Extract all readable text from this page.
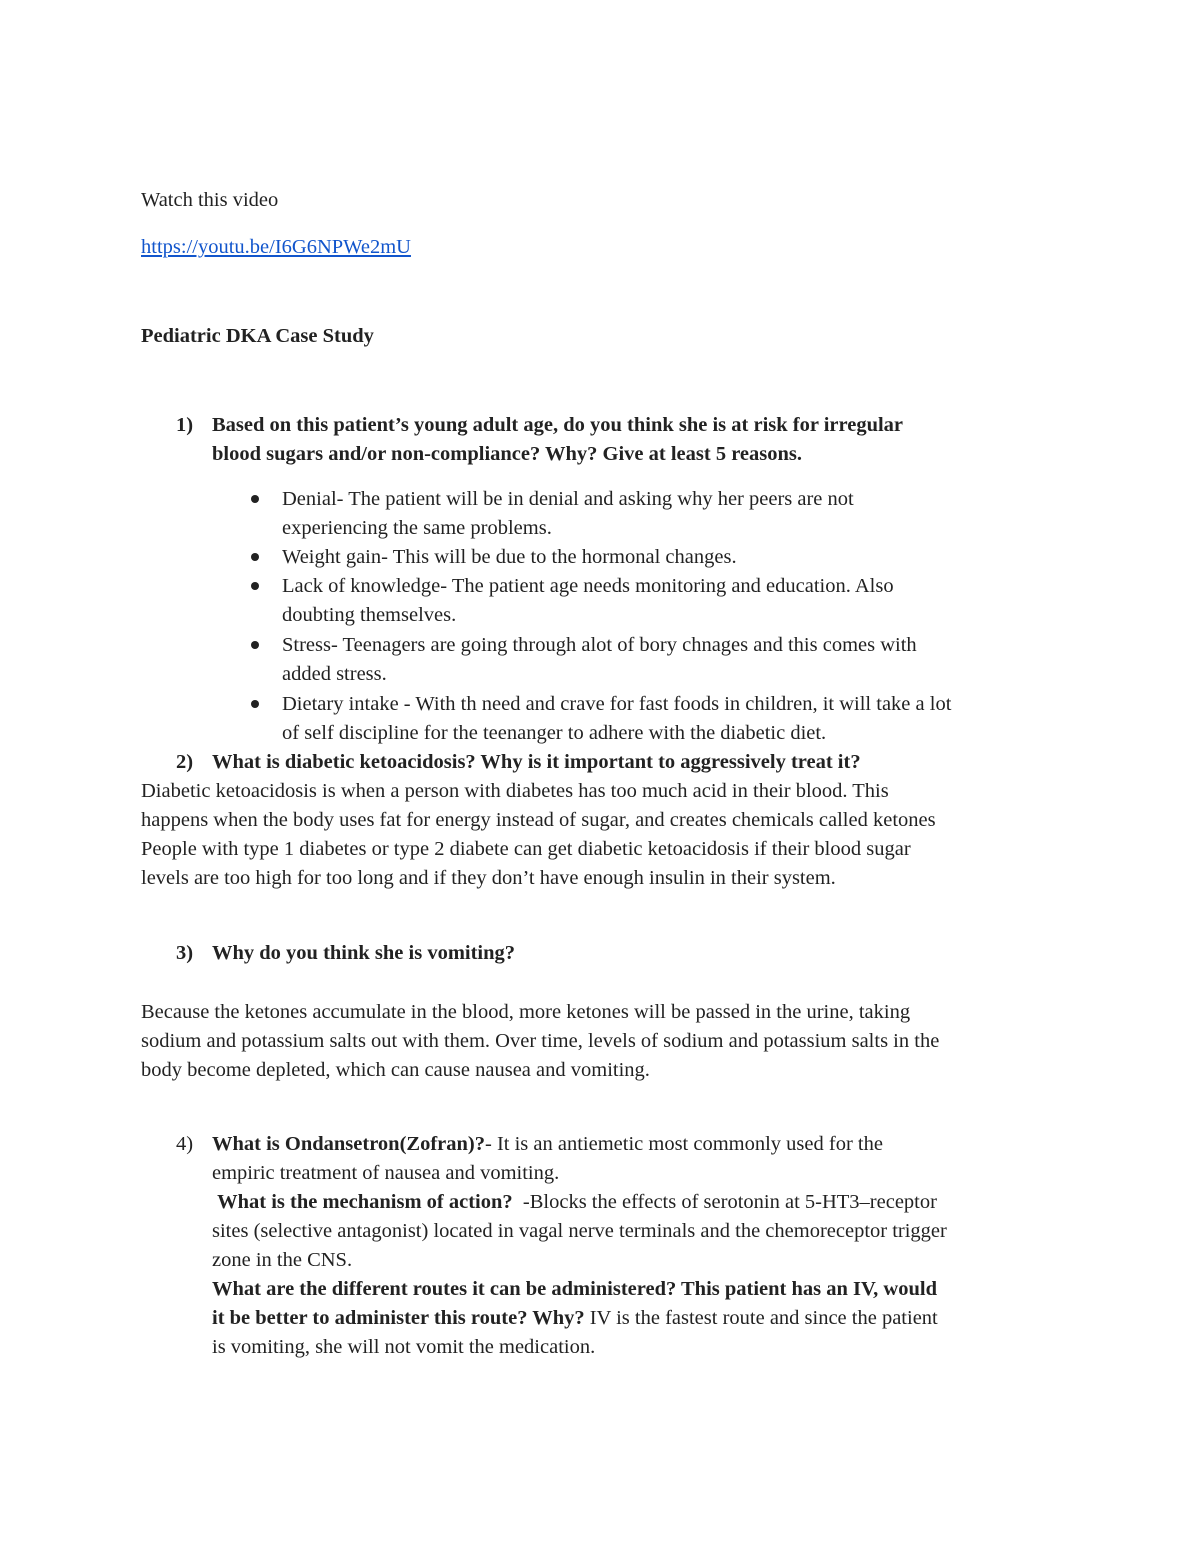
Watch this video
https://youtu.be/I6G6NPWe2mU
Pediatric DKA Case Study
1) Based on this patient’s young adult age, do you think she is at risk for irregular
blood sugars and/or non-compliance? Why? Give at least 5 reasons.
Denial- The patient will be in denial and asking why her peers are not
experiencing the same problems.
Weight gain- This will be due to the hormonal changes.
Lack of knowledge- The patient age needs monitoring and education. Also
doubting themselves.
Stress- Teenagers are going through alot of bory chnages and this comes with
added stress.
Dietary intake - With th need and crave for fast foods in children, it will take a lot
of self discipline for the teenanger to adhere with the diabetic diet.
2) What is diabetic ketoacidosis? Why is it important to aggressively treat it?
Diabetic ketoacidosis is when a person with diabetes has too much acid in their blood. This
happens when the body uses fat for energy instead of sugar, and creates chemicals called ketones
People with type 1 diabetes or type 2 diabete can get diabetic ketoacidosis if their blood sugar
levels are too high for too long and if they don’t have enough insulin in their system.
3) Why do you think she is vomiting?
Because the ketones accumulate in the blood, more ketones will be passed in the urine, taking
sodium and potassium salts out with them. Over time, levels of sodium and potassium salts in the
body become depleted, which can cause nausea and vomiting.
4) What is Ondansetron(Zofran)?- It is an antiemetic most commonly used for the
empiric treatment of nausea and vomiting.
What is the mechanism of action?  -Blocks the effects of serotonin at 5-HT3–receptor
sites (selective antagonist) located in vagal nerve terminals and the chemoreceptor trigger
zone in the CNS.
What are the different routes it can be administered? This patient has an IV, would
it be better to administer this route? Why? IV is the fastest route and since the patient
is vomiting, she will not vomit the medication.
